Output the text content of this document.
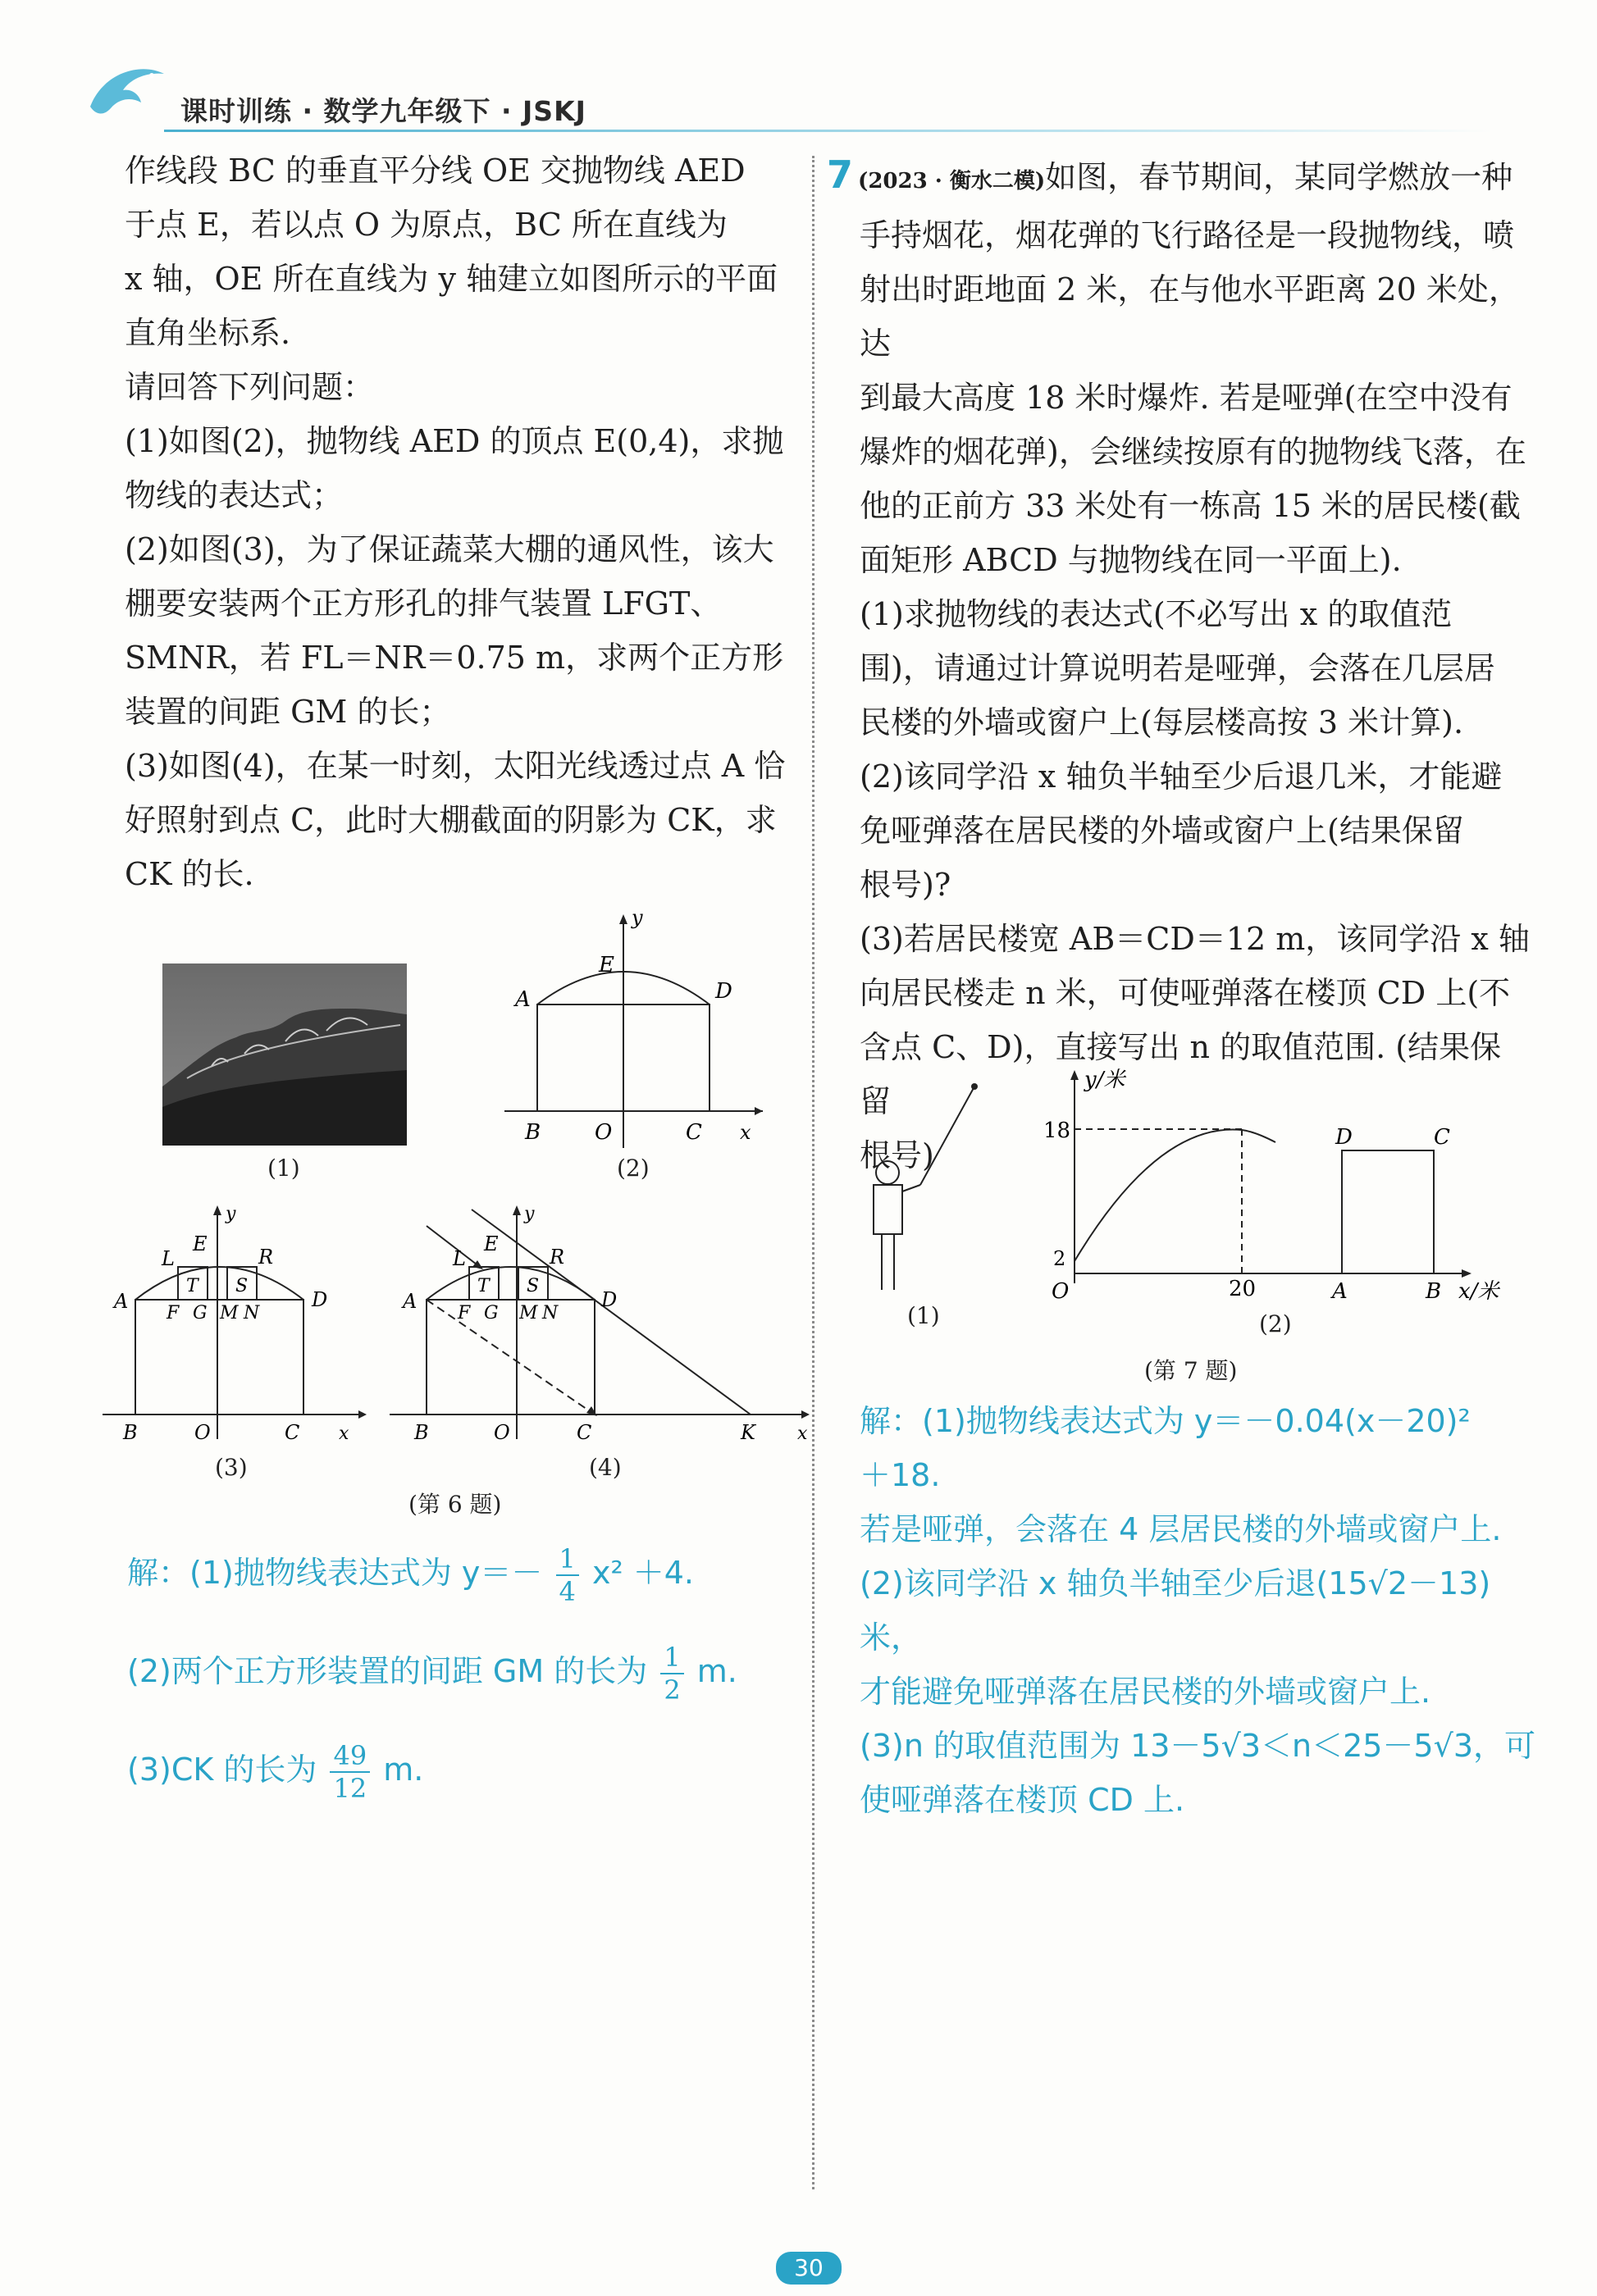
课时训练 · 数学九年级下 · JSKJ

作线段 BC 的垂直平分线 OE 交抛物线 AED

于点 E，若以点 O 为原点，BC 所在直线为

x 轴，OE 所在直线为 y 轴建立如图所示的平面

直角坐标系.

请回答下列问题：

(1)如图(2)，抛物线 AED 的顶点 E(0,4)，求抛

物线的表达式；

(2)如图(3)，为了保证蔬菜大棚的通风性，该大

棚要安装两个正方形孔的排气装置 LFGT、

SMNR，若 FL＝NR＝0.75 m，求两个正方形

装置的间距 GM 的长；

(3)如图(4)，在某一时刻，太阳光线透过点 A 恰

好照射到点 C，此时大棚截面的阴影为 CK，求

CK 的长.

(1)
E
y
A	D
B	O	C x
(2)
L
E
y
R
T S
F G M N
A	D
B	O	C x
(3)
L
E
y
R
T S
F G M N
A	D
B	O	C	K x
(4)
(第 6 题)
解：(1)抛物线表达式为 $y=- \frac{1}{4} x^2 +4$.
(2)两个正方形装置的间距 GM 的长为 $\frac{1}{2} m$.
(3)CK 的长为 $\frac{49}{12} m$.

7 (2023 · 衡水二模)如图，春节期间，某同学燃放一种

手持烟花，烟花弹的飞行路径是一段抛物线，喷

射出时距地面 2 米，在与他水平距离 20 米处，达

到最大高度 18 米时爆炸. 若是哑弹(在空中没有

爆炸的烟花弹)，会继续按原有的抛物线飞落，在

他的正前方 33 米处有一栋高 15 米的居民楼(截

面矩形 ABCD 与抛物线在同一平面上).

(1)求抛物线的表达式(不必写出 x 的取值范

围)，请通过计算说明若是哑弹，会落在几层居

民楼的外墙或窗户上(每层楼高按 3 米计算).

(2)该同学沿 x 轴负半轴至少后退几米，才能避

免哑弹落在居民楼的外墙或窗户上(结果保留

根号)?

(3)若居民楼宽 AB＝CD＝12 m，该同学沿 x 轴

向居民楼走 n 米，可使哑弹落在楼顶 CD 上(不

含点 C、D)，直接写出 n 的取值范围. (结果保留

根号)

(1)
y/米
18
2
O	20	A	B
D	C
x/米
(2)
(第 7 题)
解：(1)抛物线表达式为 y＝－0.04(x－20)²
＋18.
若是哑弹，会落在 4 层居民楼的外墙或窗户上.
(2)该同学沿 x 轴负半轴至少后退(15√2－13)米，
才能避免哑弹落在居民楼的外墙或窗户上.
(3)n 的取值范围为 13－5√3＜n＜25－5√3，可
使哑弹落在楼顶 CD 上.
30
